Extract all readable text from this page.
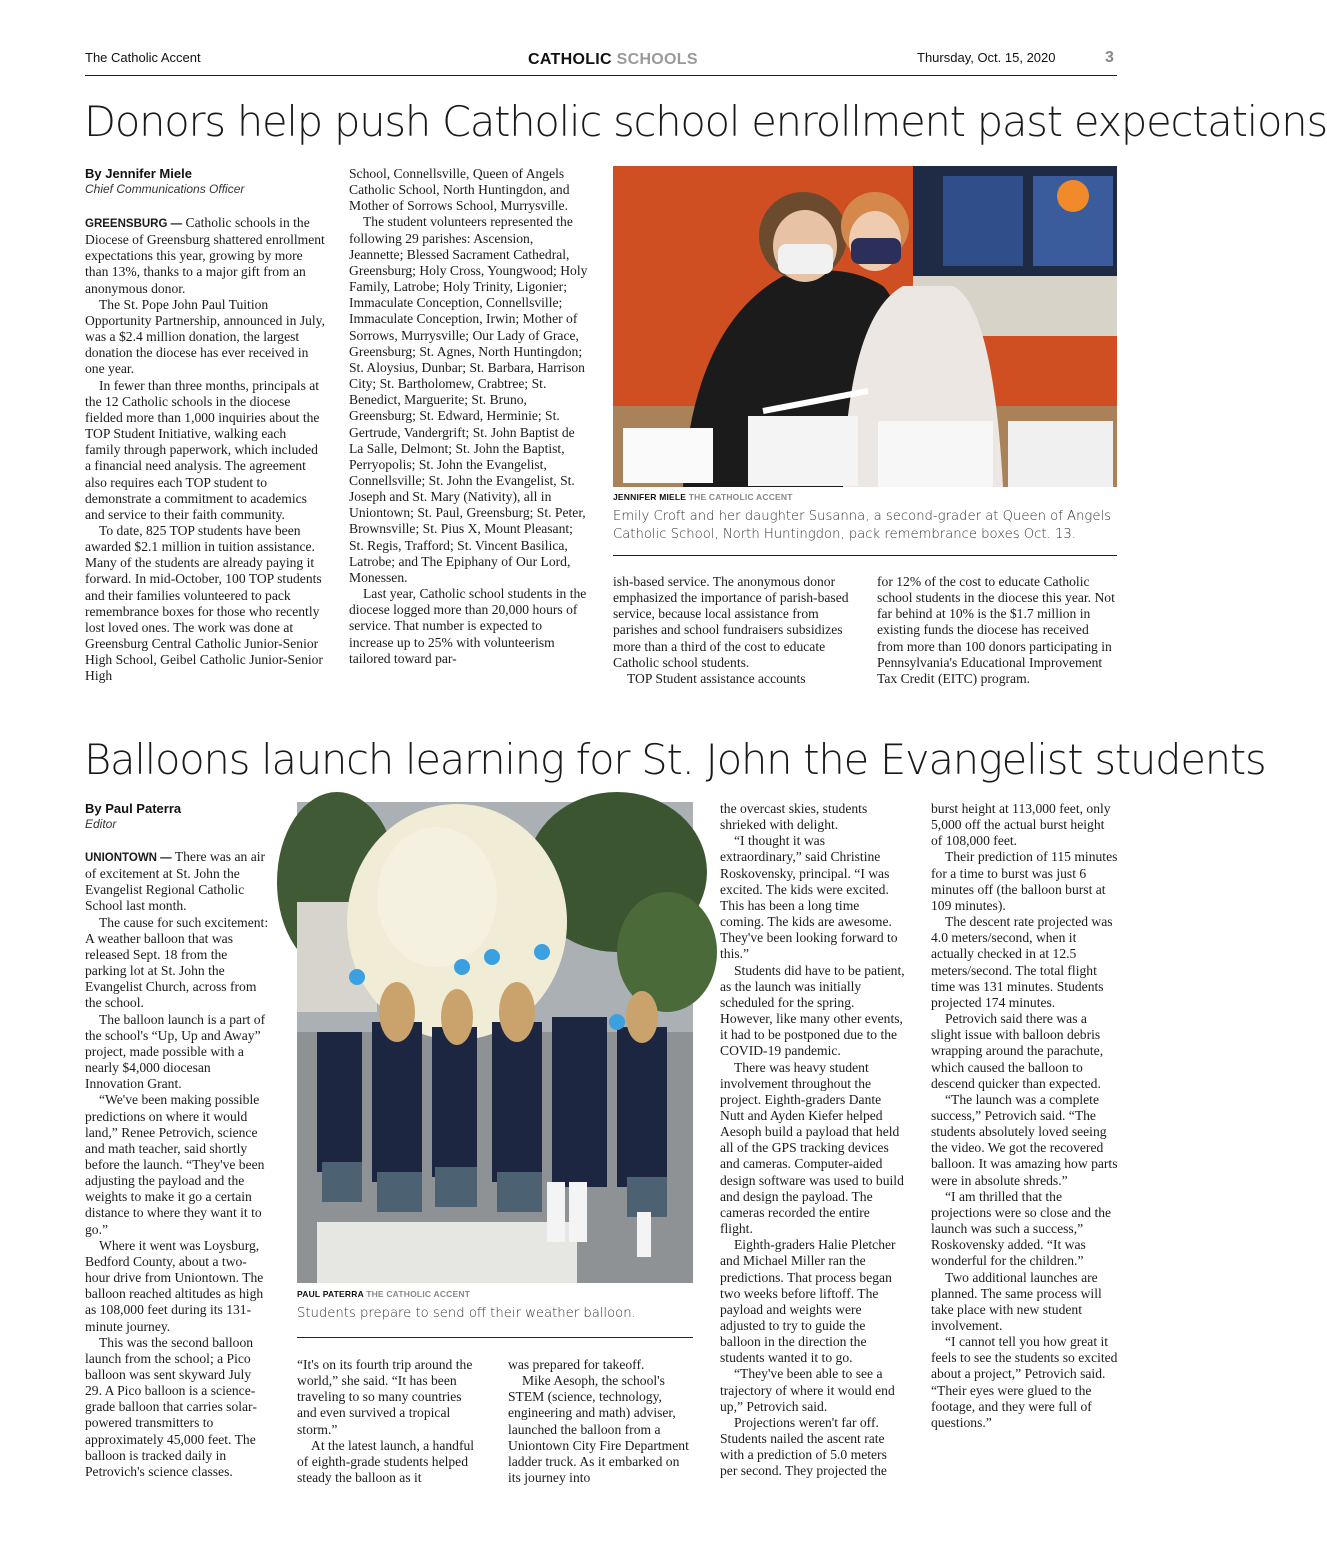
The Catholic Accent	CATHOLIC SCHOOLS	Thursday, Oct. 15, 2020	3
Donors help push Catholic school enrollment past expectations
By Jennifer Miele
Chief Communications Officer

GREENSBURG — Catholic schools in the Diocese of Greensburg shattered enrollment expectations this year, growing by more than 13%, thanks to a major gift from an anonymous donor.

The St. Pope John Paul Tuition Opportunity Partnership, announced in July, was a $2.4 million donation, the largest donation the diocese has ever received in one year.

In fewer than three months, principals at the 12 Catholic schools in the diocese fielded more than 1,000 inquiries about the TOP Student Initiative, walking each family through paperwork, which included a financial need analysis. The agreement also requires each TOP student to demonstrate a commitment to academics and service to their faith community.

To date, 825 TOP students have been awarded $2.1 million in tuition assistance. Many of the students are already paying it forward. In mid-October, 100 TOP students and their families volunteered to pack remembrance boxes for those who recently lost loved ones. The work was done at Greensburg Central Catholic Junior-Senior High School, Geibel Catholic Junior-Senior High

School, Connellsville, Queen of Angels Catholic School, North Huntingdon, and Mother of Sorrows School, Murrysville.

The student volunteers represented the following 29 parishes: Ascension, Jeannette; Blessed Sacrament Cathedral, Greensburg; Holy Cross, Youngwood; Holy Family, Latrobe; Holy Trinity, Ligonier; Immaculate Conception, Connellsville; Immaculate Conception, Irwin; Mother of Sorrows, Murrysville; Our Lady of Grace, Greensburg; St. Agnes, North Huntingdon; St. Aloysius, Dunbar; St. Barbara, Harrison City; St. Bartholomew, Crabtree; St. Benedict, Marguerite; St. Bruno, Greensburg; St. Edward, Herminie; St. Gertrude, Vandergrift; St. John Baptist de La Salle, Delmont; St. John the Baptist, Perryopolis; St. John the Evangelist, Connellsville; St. John the Evangelist, St. Joseph and St. Mary (Nativity), all in Uniontown; St. Paul, Greensburg; St. Peter, Brownsville; St. Pius X, Mount Pleasant; St. Regis, Trafford; St. Vincent Basilica, Latrobe; and The Epiphany of Our Lord, Monessen.

Last year, Catholic school students in the diocese logged more than 20,000 hours of service. That number is expected to increase up to 25% with volunteerism tailored toward par-

JENNIFER MIELE THE CATHOLIC ACCENT
Emily Croft and her daughter Susanna, a second-grader at Queen of Angels Catholic School, North Huntingdon, pack remembrance boxes Oct. 13.

ish-based service. The anonymous donor emphasized the importance of parish-based service, because local assistance from parishes and school fundraisers subsidizes more than a third of the cost to educate Catholic school students.

TOP Student assistance accounts

for 12% of the cost to educate Catholic school students in the diocese this year. Not far behind at 10% is the $1.7 million in existing funds the diocese has received from more than 100 donors participating in Pennsylvania's Educational Improvement Tax Credit (EITC) program.

Balloons launch learning for St. John the Evangelist students
By Paul Paterra
Editor

UNIONTOWN — There was an air of excitement at St. John the Evangelist Regional Catholic School last month.

The cause for such excitement: A weather balloon that was released Sept. 18 from the parking lot at St. John the Evangelist Church, across from the school.

The balloon launch is a part of the school's “Up, Up and Away” project, made possible with a nearly $4,000 diocesan Innovation Grant.

“We've been making possible predictions on where it would land,” Renee Petrovich, science and math teacher, said shortly before the launch. “They've been adjusting the payload and the weights to make it go a certain distance to where they want it to go.”

Where it went was Loysburg, Bedford County, about a two-hour drive from Uniontown. The balloon reached altitudes as high as 108,000 feet during its 131-minute journey.

This was the second balloon launch from the school; a Pico balloon was sent skyward July 29. A Pico balloon is a science-grade balloon that carries solar-powered transmitters to approximately 45,000 feet. The balloon is tracked daily in Petrovich's science classes.

PAUL PATERRA THE CATHOLIC ACCENT
Students prepare to send off their weather balloon.

“It's on its fourth trip around the world,” she said. “It has been traveling to so many countries and even survived a tropical storm.”

At the latest launch, a handful of eighth-grade students helped steady the balloon as it

was prepared for takeoff.

Mike Aesoph, the school's STEM (science, technology, engineering and math) adviser, launched the balloon from a Uniontown City Fire Department ladder truck. As it embarked on its journey into

the overcast skies, students shrieked with delight.

“I thought it was extraordinary,” said Christine Roskovensky, principal. “I was excited. The kids were excited. This has been a long time coming. The kids are awesome. They've been looking forward to this.”

Students did have to be patient, as the launch was initially scheduled for the spring. However, like many other events, it had to be postponed due to the COVID-19 pandemic.

There was heavy student involvement throughout the project. Eighth-graders Dante Nutt and Ayden Kiefer helped Aesoph build a payload that held all of the GPS tracking devices and cameras. Computer-aided design software was used to build and design the payload. The cameras recorded the entire flight.

Eighth-graders Halie Pletcher and Michael Miller ran the predictions. That process began two weeks before liftoff. The payload and weights were adjusted to try to guide the balloon in the direction the students wanted it to go.

“They've been able to see a trajectory of where it would end up,” Petrovich said.

Projections weren't far off. Students nailed the ascent rate with a prediction of 5.0 meters per second. They projected the

burst height at 113,000 feet, only 5,000 off the actual burst height of 108,000 feet.

Their prediction of 115 minutes for a time to burst was just 6 minutes off (the balloon burst at 109 minutes).

The descent rate projected was 4.0 meters/second, when it actually checked in at 12.5 meters/second. The total flight time was 131 minutes. Students projected 174 minutes.

Petrovich said there was a slight issue with balloon debris wrapping around the parachute, which caused the balloon to descend quicker than expected.

“The launch was a complete success,” Petrovich said. “The students absolutely loved seeing the video. We got the recovered balloon. It was amazing how parts were in absolute shreds.”

“I am thrilled that the projections were so close and the launch was such a success,” Roskovensky added. “It was wonderful for the children.”

Two additional launches are planned. The same process will take place with new student involvement.

“I cannot tell you how great it feels to see the students so excited about a project,” Petrovich said. “Their eyes were glued to the footage, and they were full of questions.”
